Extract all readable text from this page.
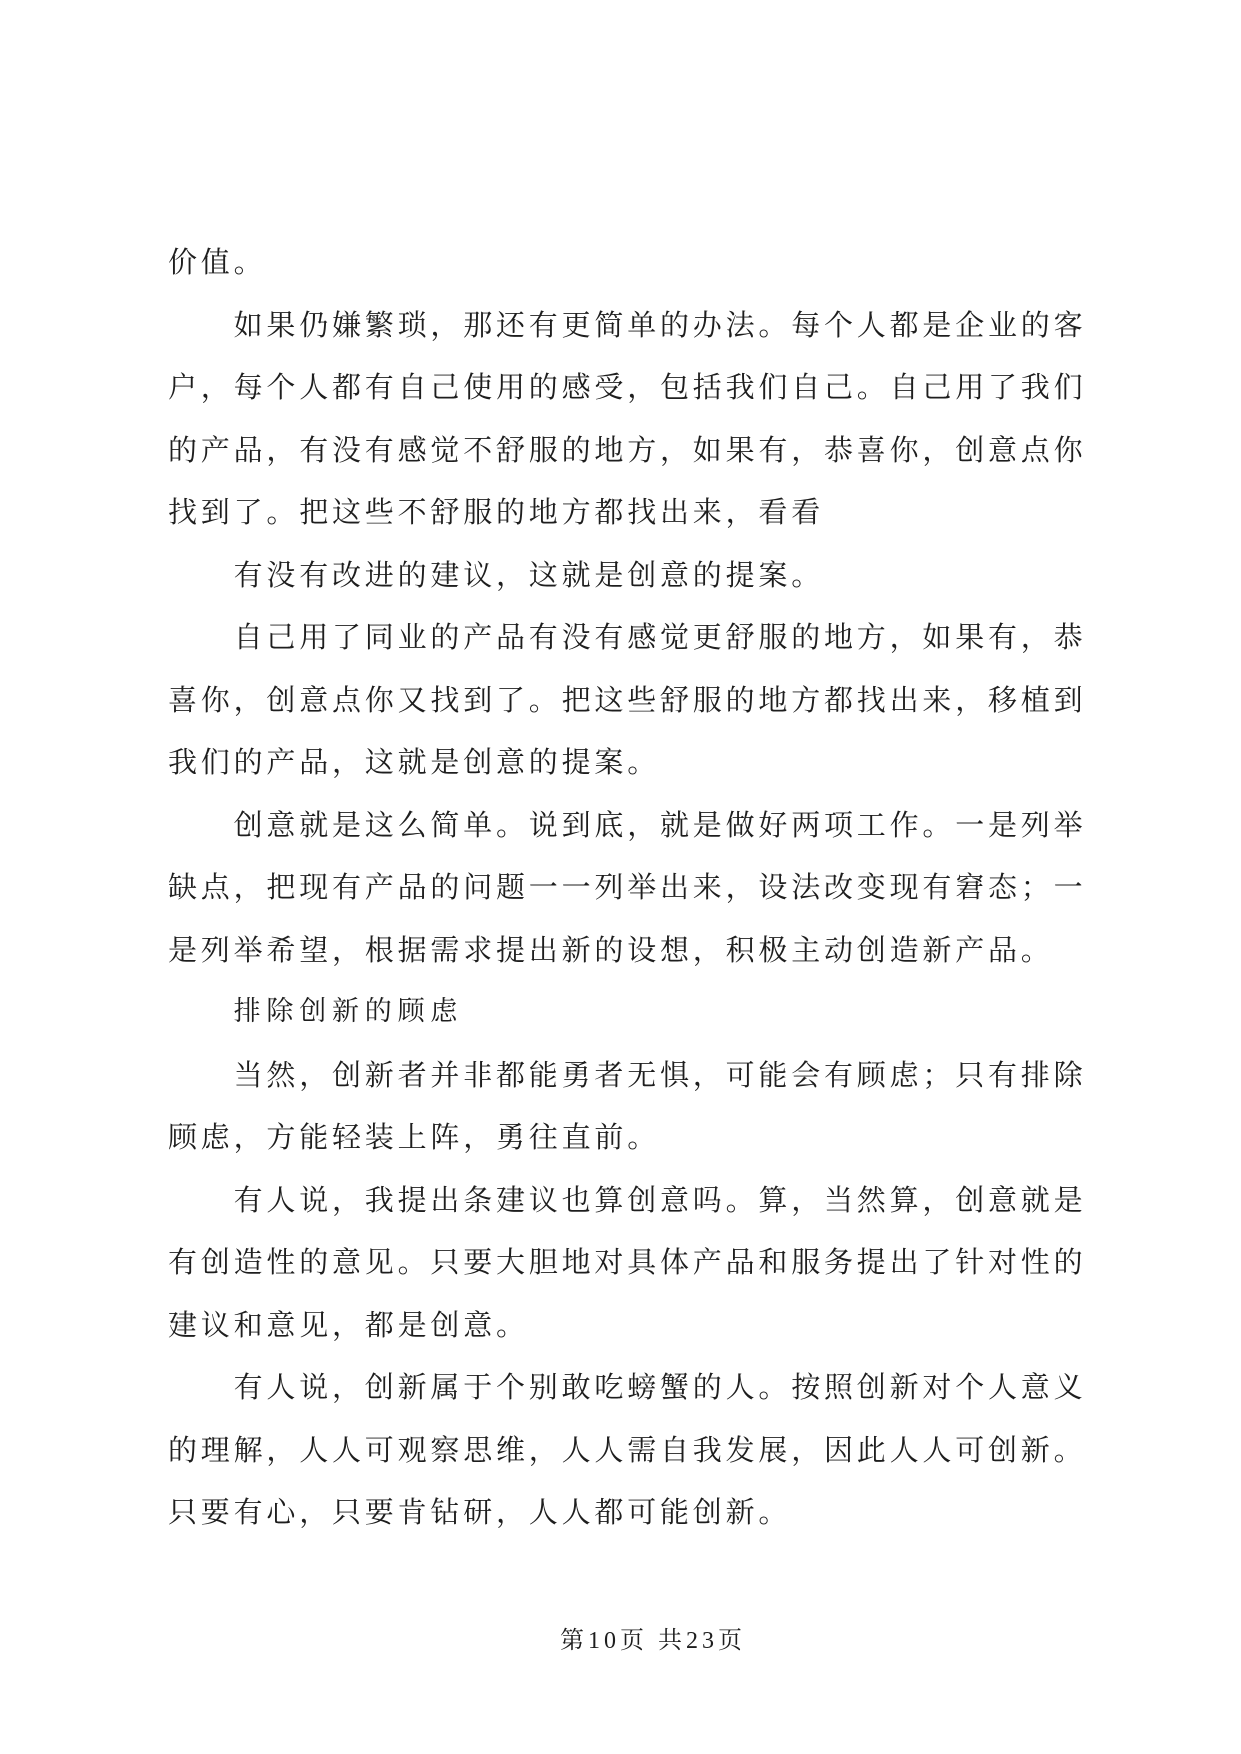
价值。
如果仍嫌繁琐，那还有更简单的办法。每个人都是企业的客
户，每个人都有自己使用的感受，包括我们自己。自己用了我们
的产品，有没有感觉不舒服的地方，如果有，恭喜你，创意点你
找到了。把这些不舒服的地方都找出来，看看
有没有改进的建议，这就是创意的提案。
自己用了同业的产品有没有感觉更舒服的地方，如果有，恭
喜你，创意点你又找到了。把这些舒服的地方都找出来，移植到
我们的产品，这就是创意的提案。
创意就是这么简单。说到底，就是做好两项工作。一是列举
缺点，把现有产品的问题一一列举出来，设法改变现有窘态；一
是列举希望，根据需求提出新的设想，积极主动创造新产品。
排除创新的顾虑
当然，创新者并非都能勇者无惧，可能会有顾虑；只有排除
顾虑，方能轻装上阵，勇往直前。
有人说，我提出条建议也算创意吗。算，当然算，创意就是
有创造性的意见。只要大胆地对具体产品和服务提出了针对性的
建议和意见，都是创意。
有人说，创新属于个别敢吃螃蟹的人。按照创新对个人意义
的理解，人人可观察思维，人人需自我发展，因此人人可创新。
只要有心，只要肯钻研，人人都可能创新。
第10页 共23页
